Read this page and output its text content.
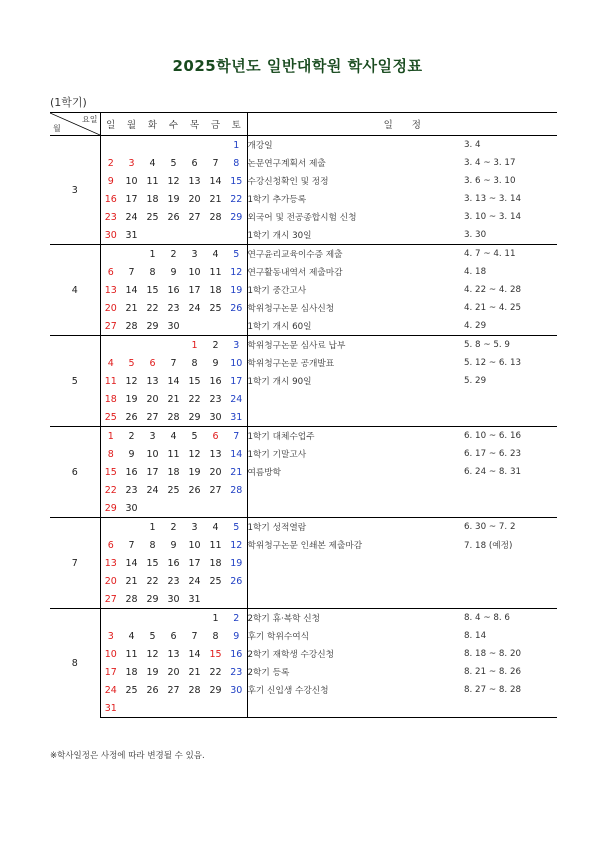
2025학년도 일반대학원 학사일정표
(1학기)
요일
월	일	월	화	수	목	금	토	일　　정	
3							1	개강일	3. 4
	2	3	4	5	6	7	8	논문연구계획서 제출	3. 4 ~ 3. 17
	9	10	11	12	13	14	15	수강신청확인 및 정정	3. 6 ~ 3. 10
	16	17	18	19	20	21	22	1학기 추가등록	3. 13 ~ 3. 14
	23	24	25	26	27	28	29	외국어 및 전공종합시험 신청	3. 10 ~ 3. 14
	30	31						1학기 개시 30일	3. 30
4			1	2	3	4	5	연구윤리교육이수증 제출	4. 7 ~ 4. 11
	6	7	8	9	10	11	12	연구활동내역서 제출마감	4. 18
	13	14	15	16	17	18	19	1학기 중간고사	4. 22 ~ 4. 28
	20	21	22	23	24	25	26	학위청구논문 심사신청	4. 21 ~ 4. 25
	27	28	29	30				1학기 개시 60일	4. 29
5					1	2	3	학위청구논문 심사료 납부	5. 8 ~ 5. 9
	4	5	6	7	8	9	10	학위청구논문 공개발표	5. 12 ~ 6. 13
	11	12	13	14	15	16	17	1학기 개시 90일	5. 29
	18	19	20	21	22	23	24		
	25	26	27	28	29	30	31		
6	1	2	3	4	5	6	7	1학기 대체수업주	6. 10 ~ 6. 16
	8	9	10	11	12	13	14	1학기 기말고사	6. 17 ~ 6. 23
	15	16	17	18	19	20	21	여름방학	6. 24 ~ 8. 31
	22	23	24	25	26	27	28		
	29	30							
7			1	2	3	4	5	1학기 성적열람	6. 30 ~ 7. 2
	6	7	8	9	10	11	12	학위청구논문 인쇄본 제출마감	7. 18 (예정)
	13	14	15	16	17	18	19		
	20	21	22	23	24	25	26		
	27	28	29	30	31				
8						1	2	2학기 휴·복학 신청	8. 4 ~ 8. 6
	3	4	5	6	7	8	9	후기 학위수여식	8. 14
	10	11	12	13	14	15	16	2학기 재학생 수강신청	8. 18 ~ 8. 20
	17	18	19	20	21	22	23	2학기 등록	8. 21 ~ 8. 26
	24	25	26	27	28	29	30	후기 신입생 수강신청	8. 27 ~ 8. 28
	31								
※학사일정은 사정에 따라 변경될 수 있음.
